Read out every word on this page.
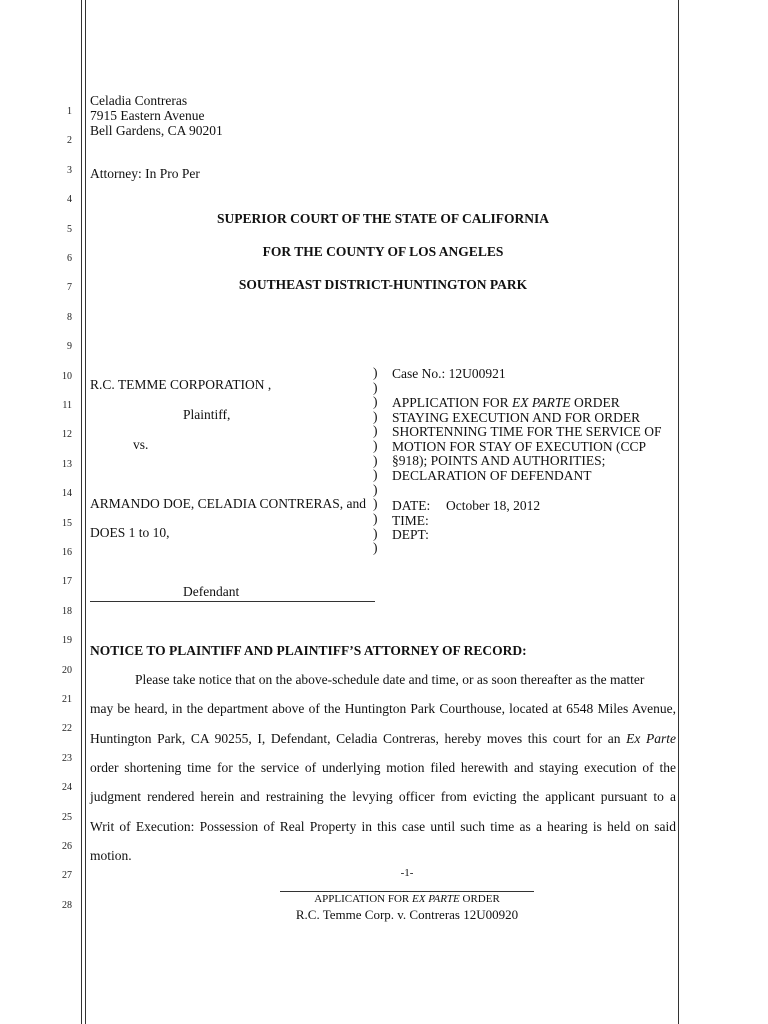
1
2
3
4
5
6
7
8
9
10
11
12
13
14
15
16
17
18
19
20
21
22
23
24
25
26
27
28
Celadia Contreras
7915 Eastern Avenue
Bell Gardens, CA 90201
Attorney: In Pro Per
SUPERIOR COURT OF THE STATE OF CALIFORNIA
FOR THE COUNTY OF LOS ANGELES
SOUTHEAST DISTRICT-HUNTINGTON PARK
R.C. TEMME CORPORATION ,
Plaintiff,
vs.
ARMANDO DOE, CELADIA CONTRERAS, and
DOES 1 to 10,
Defendant
)
)
)
)
)
)
)
)
)
)
)
)
)
Case No.: 12U00921
APPLICATION FOR EX PARTE ORDER
STAYING EXECUTION AND FOR ORDER
SHORTENNING TIME FOR THE SERVICE OF
MOTION FOR STAY OF EXECUTION (CCP
§918); POINTS AND AUTHORITIES;
DECLARATION OF DEFENDANT
DATE: October 18, 2012
TIME:
DEPT:
NOTICE TO PLAINTIFF AND PLAINTIFF’S ATTORNEY OF RECORD:
Please take notice that on the above-schedule date and time, or as soon thereafter as the matter
may be heard, in the department above of the Huntington Park Courthouse, located at 6548 Miles Avenue,
Huntington Park, CA 90255, I, Defendant, Celadia Contreras, hereby moves this court for an Ex Parte
order shortening time for the service of underlying motion filed herewith and staying execution of the
judgment rendered herein and restraining the levying officer from evicting the applicant pursuant to a
Writ of Execution: Possession of Real Property in this case until such time as a hearing is held on said
motion.
-1-
APPLICATION FOR EX PARTE ORDER
R.C. Temme Corp. v. Contreras 12U00920
